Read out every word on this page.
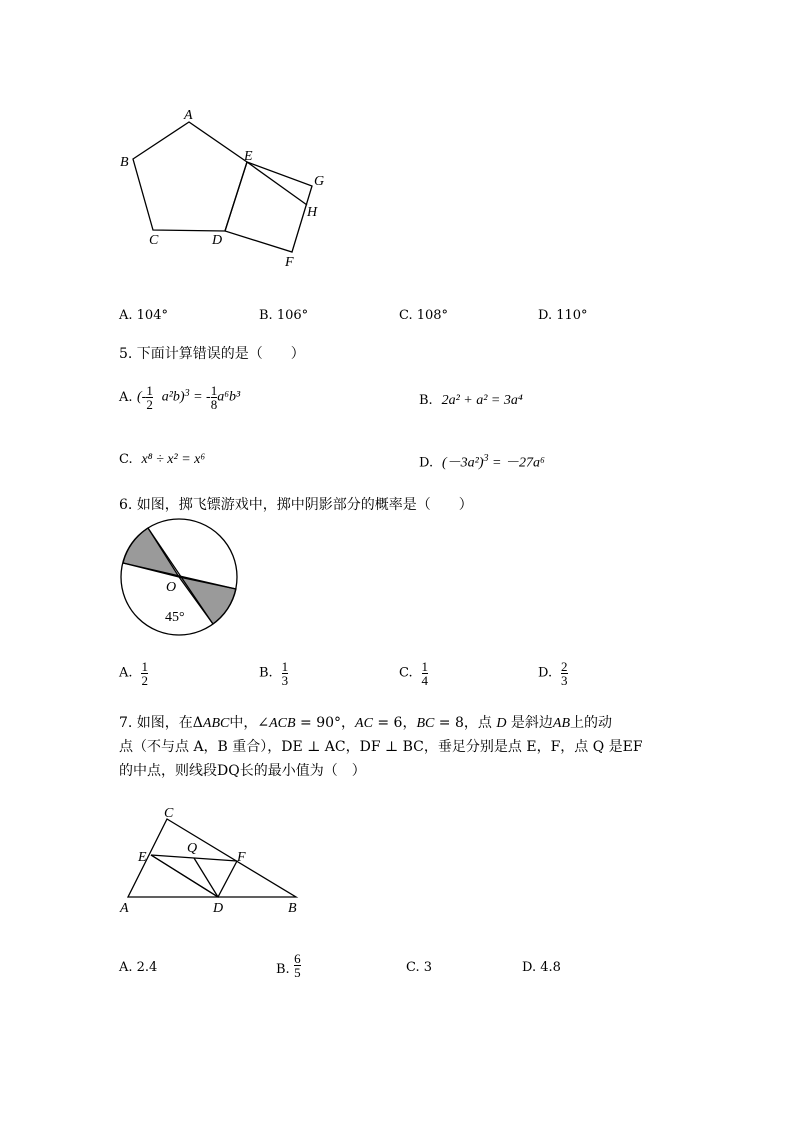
A
B
C	D
E
G
H
F
A. 104°	B. 106°	C. 108°	D. 110°
5. 下面计算错误的是（　　）
A. (- $\frac{1}{2} a^2b)^3$ = - $\frac{1}{8} a^6b^3$	B. 2a² + a² = 3a⁴
C. x⁸ ÷ x² = x⁶	D. $(-3a^2)^3 = -27a^6$
6. 如图，掷飞镖游戏中，掷中阴影部分的概率是（　　）
O
45°
A. $\frac{1}{2}$	B. $\frac{1}{3}$	C. $\frac{1}{4}$	D. $\frac{2}{3}$
7. 如图，在ΔABC中，∠ACB = 90°，AC = 6，BC = 8，点 D 是斜边AB上的动
点（不与点 A，B 重合），DE ⊥ AC，DF ⊥ BC，垂足分别是点 E，F，点 Q 是EF
的中点，则线段DQ长的最小值为（　）
C
E
Q
F
A	D	B
A. 2.4	B. $\frac{6}{5}$	C. 3	D. 4.8
